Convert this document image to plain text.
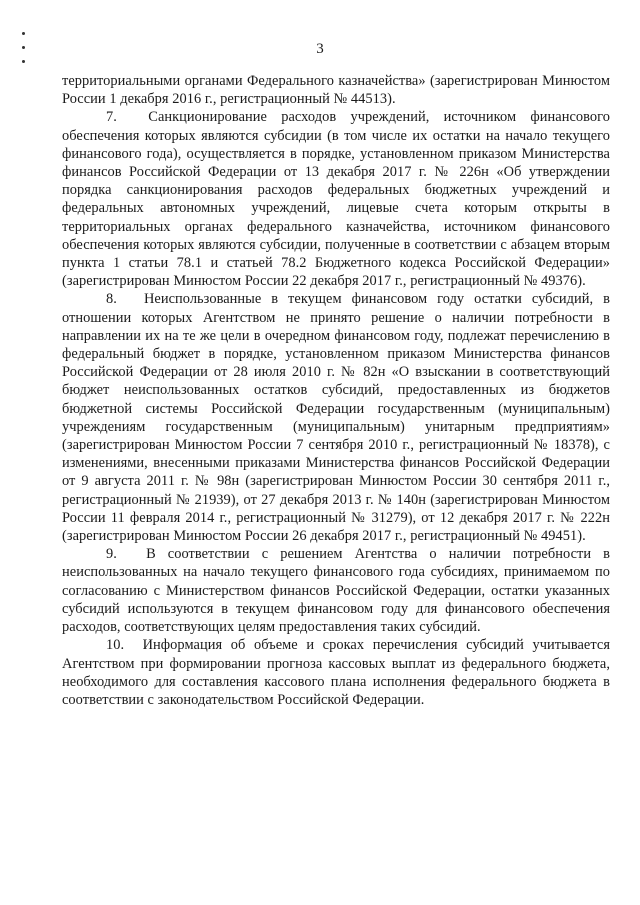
3

территориальными органами Федерального казначейства» (зарегистрирован Минюстом России 1 декабря 2016 г., регистрационный № 44513).

7. Санкционирование расходов учреждений, источником финансового обеспечения которых являются субсидии (в том числе их остатки на начало текущего финансового года), осуществляется в порядке, установленном приказом Министерства финансов Российской Федерации от 13 декабря 2017 г. № 226н «Об утверждении порядка санкционирования расходов федеральных бюджетных учреждений и федеральных автономных учреждений, лицевые счета которым открыты в территориальных органах федерального казначейства, источником финансового обеспечения которых являются субсидии, полученные в соответствии с абзацем вторым пункта 1 статьи 78.1 и статьей 78.2 Бюджетного кодекса Российской Федерации» (зарегистрирован Минюстом России 22 декабря 2017 г., регистрационный № 49376).

8. Неиспользованные в текущем финансовом году остатки субсидий, в отношении которых Агентством не принято решение о наличии потребности в направлении их на те же цели в очередном финансовом году, подлежат перечислению в федеральный бюджет в порядке, установленном приказом Министерства финансов Российской Федерации от 28 июля 2010 г. № 82н «О взыскании в соответствующий бюджет неиспользованных остатков субсидий, предоставленных из бюджетов бюджетной системы Российской Федерации государственным (муниципальным) учреждениям государственным (муниципальным) унитарным предприятиям» (зарегистрирован Минюстом России 7 сентября 2010 г., регистрационный № 18378), с изменениями, внесенными приказами Министерства финансов Российской Федерации от 9 августа 2011 г. № 98н (зарегистрирован Минюстом России 30 сентября 2011 г., регистрационный № 21939), от 27 декабря 2013 г. № 140н (зарегистрирован Минюстом России 11 февраля 2014 г., регистрационный № 31279), от 12 декабря 2017 г. № 222н (зарегистрирован Минюстом России 26 декабря 2017 г., регистрационный № 49451).

9. В соответствии с решением Агентства о наличии потребности в неиспользованных на начало текущего финансового года субсидиях, принимаемом по согласованию с Министерством финансов Российской Федерации, остатки указанных субсидий используются в текущем финансовом году для финансового обеспечения расходов, соответствующих целям предоставления таких субсидий.

10. Информация об объеме и сроках перечисления субсидий учитывается Агентством при формировании прогноза кассовых выплат из федерального бюджета, необходимого для составления кассового плана исполнения федерального бюджета в соответствии с законодательством Российской Федерации.
